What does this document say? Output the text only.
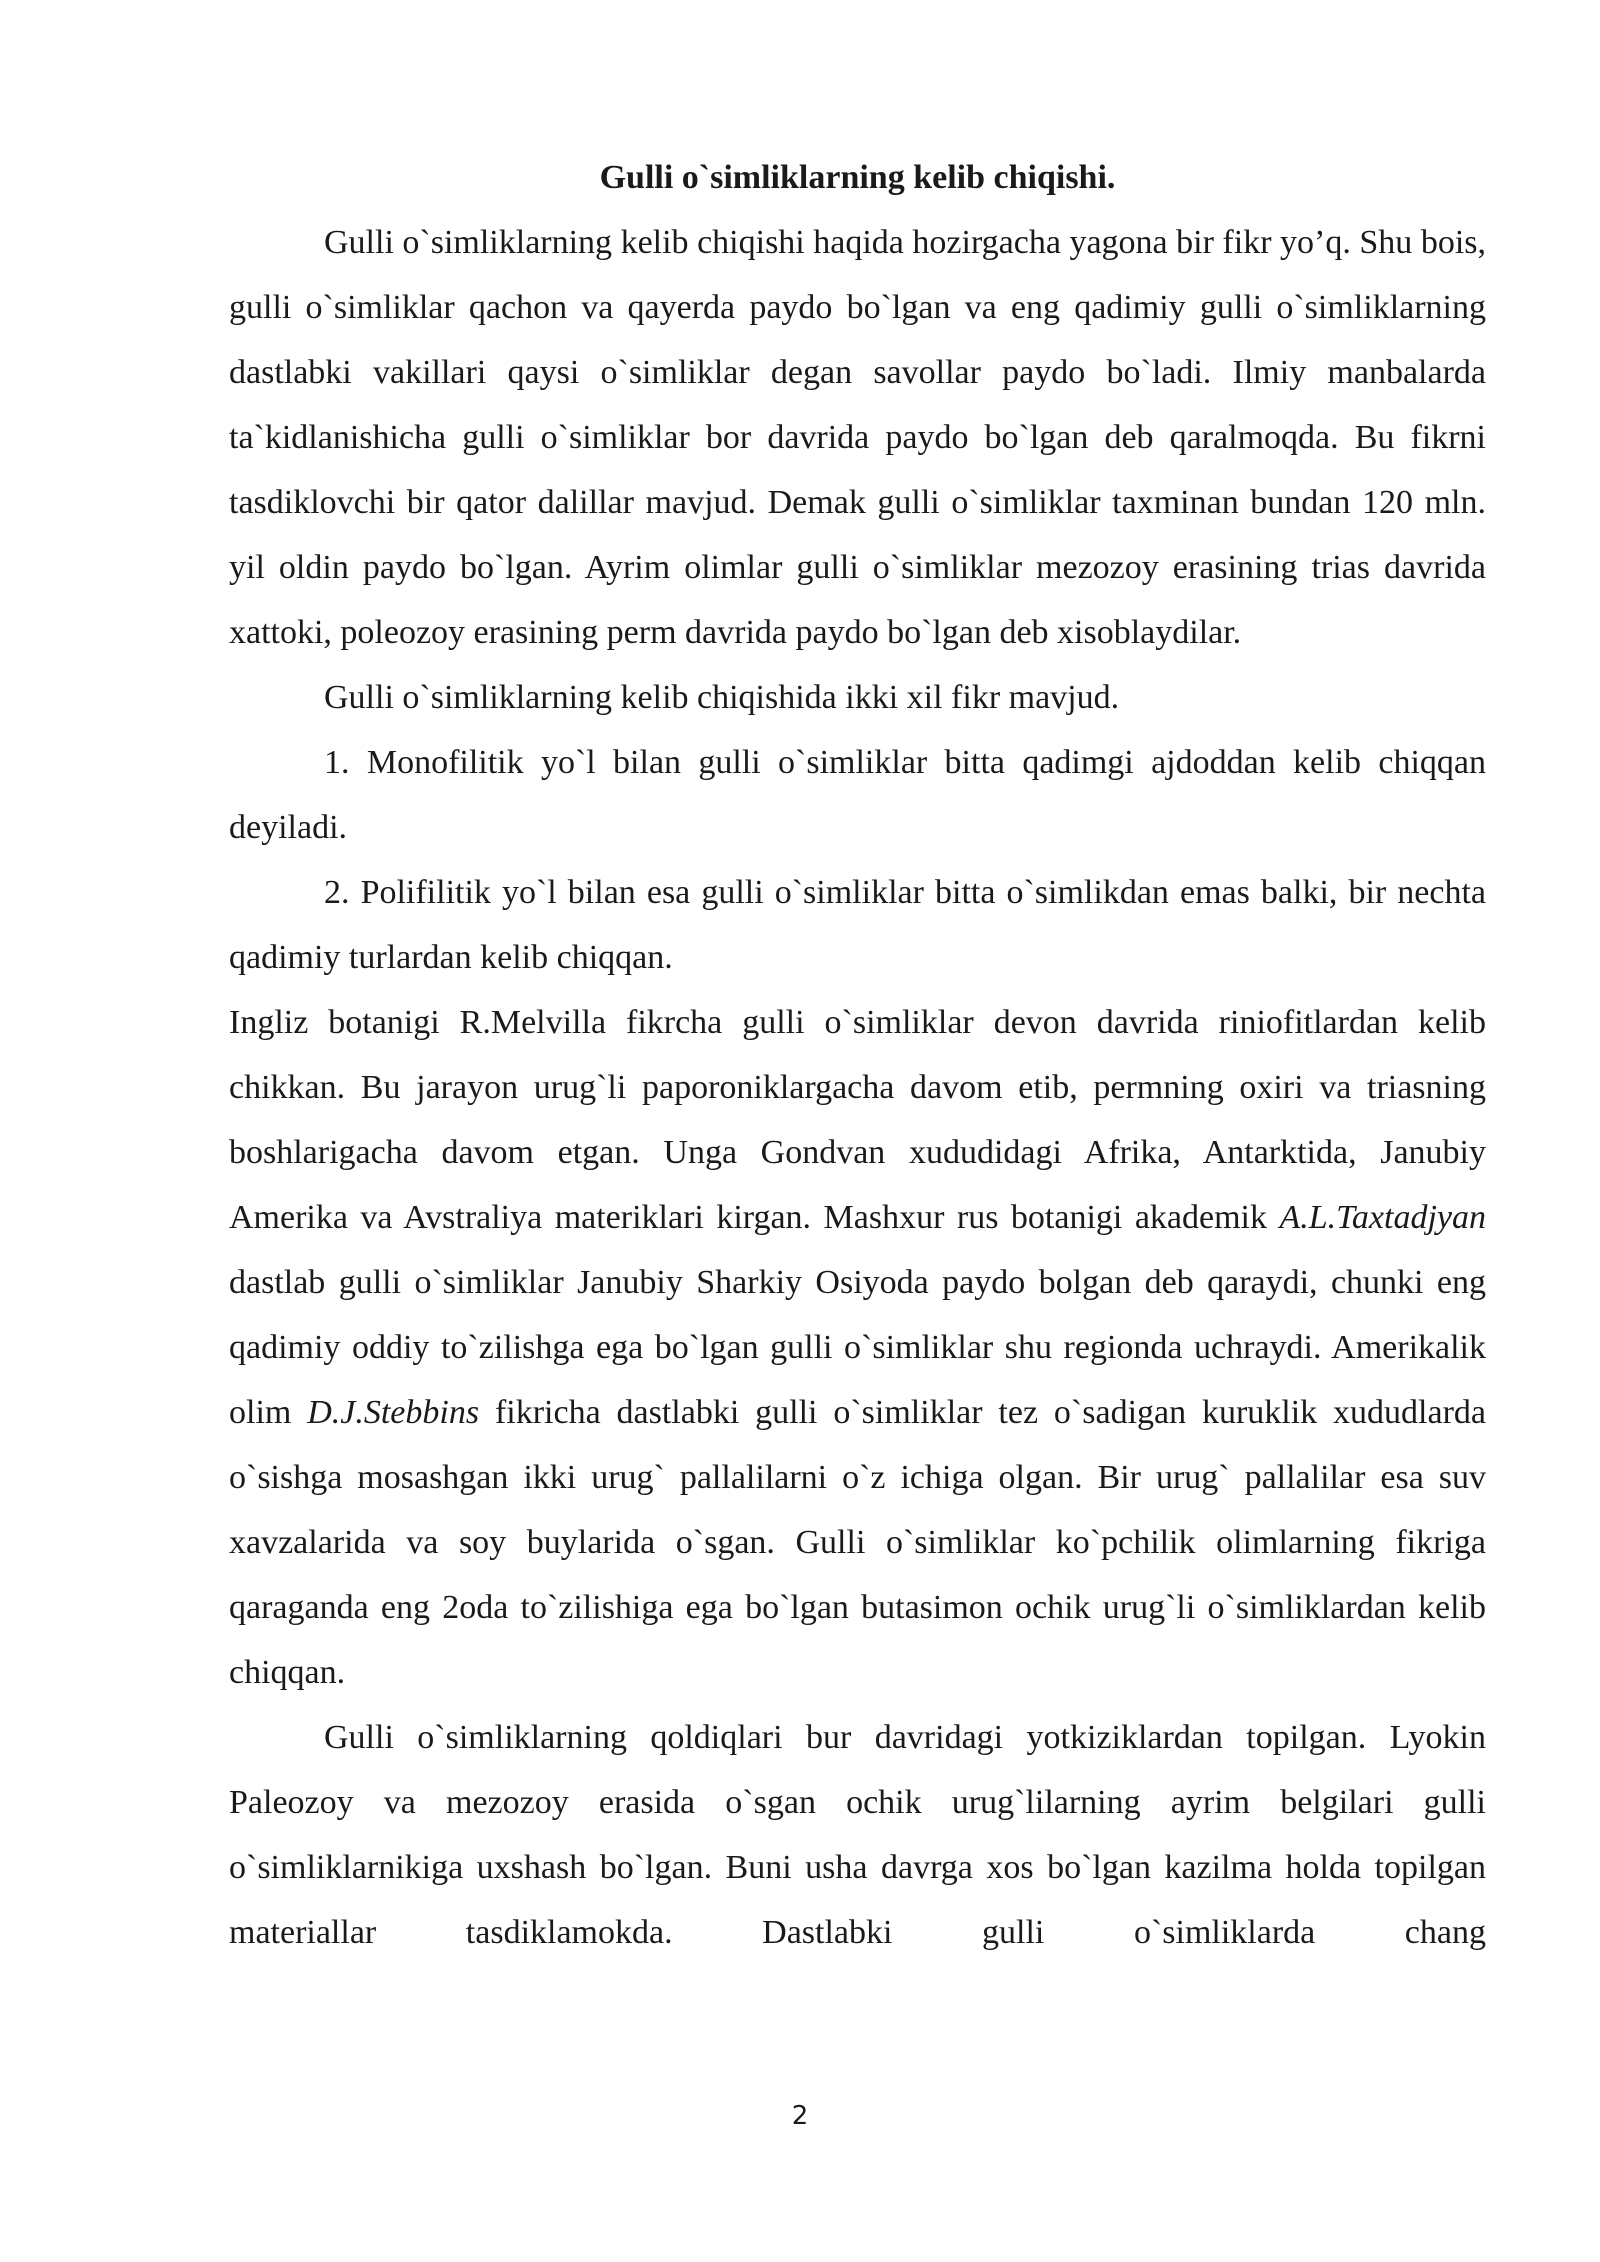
Gulli o`simliklarning kelib chiqishi.

Gulli o`simliklarning kelib chiqishi haqida hozirgacha yagona bir fikr yo’q. Shu bois, gulli o`simliklar qachon va qayerda paydo bo`lgan va eng qadimiy gulli o`simliklarning dastlabki vakillari qaysi o`simliklar degan savollar paydo bo`ladi. Ilmiy manbalarda ta`kidlanishicha gulli o`simliklar bor davrida paydo bo`lgan deb qaralmoqda. Bu fikrni tasdiklovchi bir qator dalillar mavjud. Demak gulli o`simliklar taxminan bundan 120 mln. yil oldin paydo bo`lgan. Ayrim olimlar gulli o`simliklar mezozoy erasining trias davrida xattoki, poleozoy erasining perm davrida paydo bo`lgan deb xisoblaydilar.

Gulli o`simliklarning kelib chiqishida ikki xil fikr mavjud.

1. Monofilitik yo`l bilan gulli o`simliklar bitta qadimgi ajdoddan kelib chiqqan deyiladi.

2. Polifilitik yo`l bilan esa gulli o`simliklar bitta o`simlikdan emas balki, bir nechta qadimiy turlardan kelib chiqqan.

Ingliz botanigi R.Melvilla fikrcha gulli o`simliklar devon davrida riniofitlardan kelib chikkan. Bu jarayon urug`li paporoniklargacha davom etib, permning oxiri va triasning boshlarigacha davom etgan. Unga Gondvan xududidagi Afrika, Antarktida, Janubiy Amerika va Avstraliya materiklari kirgan. Mashxur rus botanigi akademik A.L.Taxtadjyan dastlab gulli o`simliklar Janubiy Sharkiy Osiyoda paydo bolgan deb qaraydi, chunki eng qadimiy oddiy to`zilishga ega bo`lgan gulli o`simliklar shu regionda uchraydi. Amerikalik olim D.J.Stebbins fikricha dastlabki gulli o`simliklar tez o`sadigan kuruklik xududlarda o`sishga mosashgan ikki urug` pallalilarni o`z ichiga olgan. Bir urug` pallalilar esa suv xavzalarida va soy buylarida o`sgan. Gulli o`simliklar ko`pchilik olimlarning fikriga qaraganda eng 2oda to`zilishiga ega bo`lgan butasimon ochik urug`li o`simliklardan kelib chiqqan.

Gulli o`simliklarning qoldiqlari bur davridagi yotkiziklardan topilgan. Lyokin Paleozoy va mezozoy erasida o`sgan ochik urug`lilarning ayrim belgilari gulli o`simliklarnikiga uxshash bo`lgan. Buni usha davrga xos bo`lgan kazilma holda topilgan materiallar tasdiklamokda. Dastlabki gulli o`simliklarda chang

2
